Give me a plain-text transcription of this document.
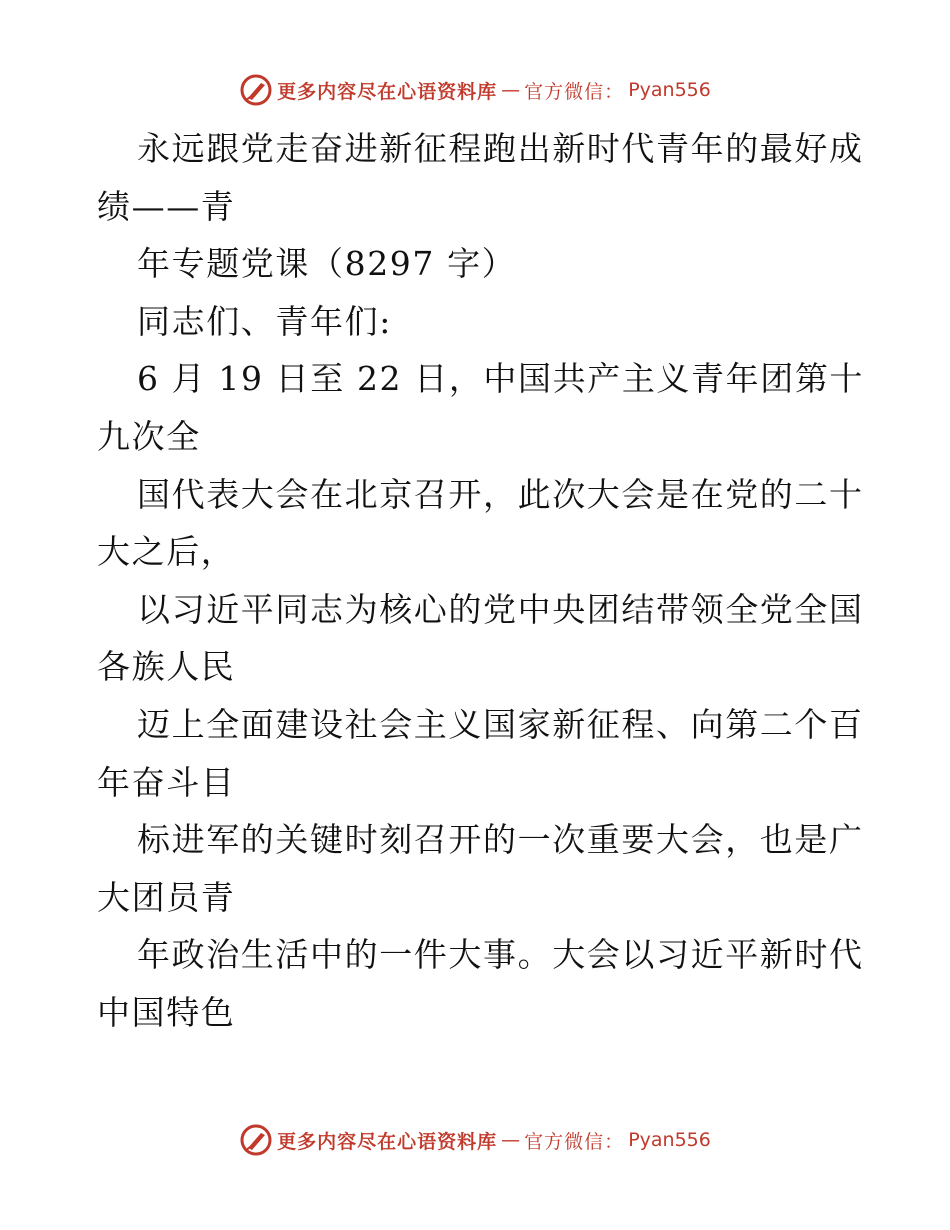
更多内容尽在心语资料库 — 官方微信： Pyan556
永远跟党走奋进新征程跑出新时代青年的最好成
绩——青
年专题党课（8297 字）
同志们、青年们:
6 月 19 日至 22 日，中国共产主义青年团第十
九次全
国代表大会在北京召开，此次大会是在党的二十
大之后，
以习近平同志为核心的党中央团结带领全党全国
各族人民
迈上全面建设社会主义国家新征程、向第二个百
年奋斗目
标进军的关键时刻召开的一次重要大会，也是广
大团员青
年政治生活中的一件大事。大会以习近平新时代
中国特色
更多内容尽在心语资料库 — 官方微信： Pyan556
